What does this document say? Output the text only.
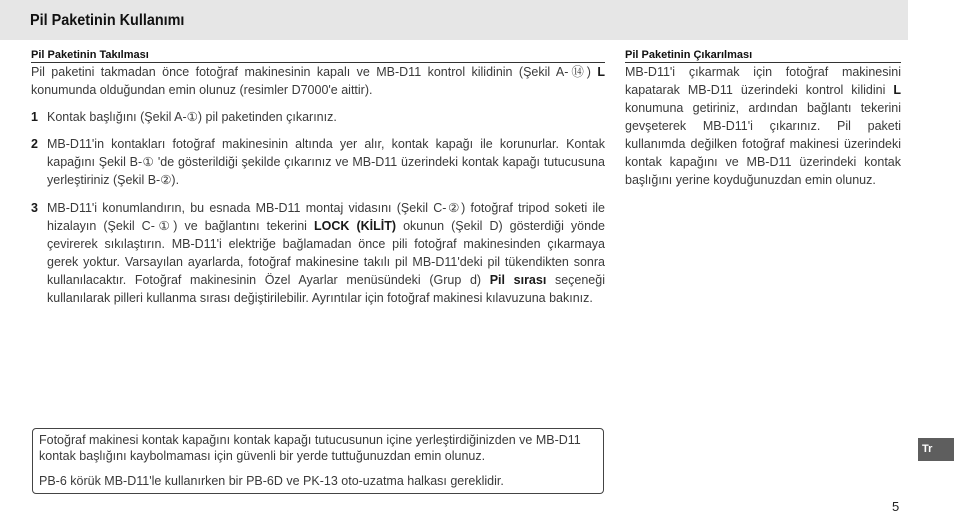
Pil Paketinin Kullanımı
Pil Paketinin Takılması

Pil paketini takmadan önce fotoğraf makinesinin kapalı ve MB-D11 kontrol kilidinin (Şekil A-⑭) L konumunda olduğundan emin olunuz (resimler D7000'e aittir).

1 Kontak başlığını (Şekil A-①) pil paketinden çıkarınız.
2 MB-D11'in kontakları fotoğraf makinesinin altında yer alır, kontak kapağı ile korunurlar. Kontak kapağını Şekil B-① 'de gösterildiği şekilde çıkarınız ve MB-D11 üzerindeki kontak kapağı tutucusuna yerleştiriniz (Şekil B-②).
3 MB-D11'i konumlandırın, bu esnada MB-D11 montaj vidasını (Şekil C-②) fotoğraf tripod soketi ile hizalayın (Şekil C-①) ve bağlantını tekerini LOCK (KİLİT) okunun (Şekil D) gösterdiği yönde çevirerek sıkılaştırın. MB-D11'i elektriğe bağlamadan önce pili fotoğraf makinesinden çıkarmaya gerek yoktur. Varsayılan ayarlarda, fotoğraf makinesine takılı pil MB-D11'deki pil tükendikten sonra kullanılacaktır. Fotoğraf makinesinin Özel Ayarlar menüsündeki (Grup d) Pil sırası seçeneği kullanılarak pilleri kullanma sırası değiştirilebilir. Ayrıntılar için fotoğraf makinesi kılavuzuna bakınız.
Pil Paketinin Çıkarılması

MB-D11'i çıkarmak için fotoğraf makinesini kapatarak MB-D11 üzerindeki kontrol kilidini L konumuna getiriniz, ardından bağlantı tekerini gevşeterek MB-D11'i çıkarınız. Pil paketi kullanımda değilken fotoğraf makinesi üzerindeki kontak kapağını ve MB-D11 üzerindeki kontak başlığını yerine koyduğunuzdan emin olunuz.

Fotoğraf makinesi kontak kapağını kontak kapağı tutucusunun içine yerleştirdiğinizden ve MB-D11 kontak başlığını kaybolmaması için güvenli bir yerde tuttuğunuzdan emin olunuz.

PB-6 körük MB-D11'le kullanırken bir PB-6D ve PK-13 oto-uzatma halkası gereklidir.

Tr
5
